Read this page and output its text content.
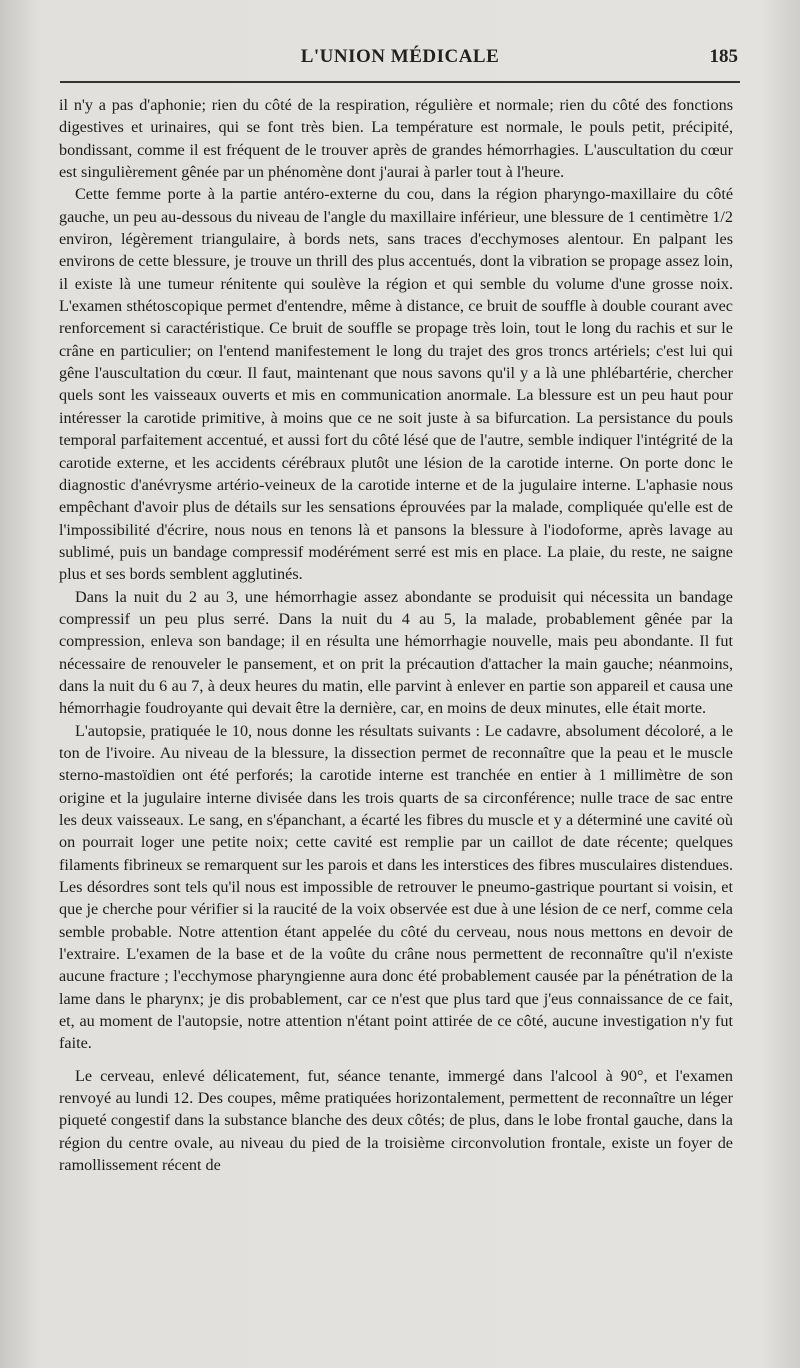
L'UNION MÉDICALE	185

il n'y a pas d'aphonie; rien du côté de la respiration, régulière et normale; rien du côté des fonctions digestives et urinaires, qui se font très bien. La température est normale, le pouls petit, précipité, bondissant, comme il est fréquent de le trouver après de grandes hémorrhagies. L'auscultation du cœur est singulièrement gênée par un phénomène dont j'aurai à parler tout à l'heure.

Cette femme porte à la partie antéro-externe du cou, dans la région pharyngo-maxillaire du côté gauche, un peu au-dessous du niveau de l'angle du maxillaire inférieur, une blessure de 1 centimètre 1/2 environ, légèrement triangulaire, à bords nets, sans traces d'ecchymoses alentour. En palpant les environs de cette blessure, je trouve un thrill des plus accentués, dont la vibration se propage assez loin, il existe là une tumeur rénitente qui soulève la région et qui semble du volume d'une grosse noix. L'examen sthétoscopique permet d'entendre, même à distance, ce bruit de souffle à double courant avec renforcement si caractéristique. Ce bruit de souffle se propage très loin, tout le long du rachis et sur le crâne en particulier; on l'entend manifestement le long du trajet des gros troncs artériels; c'est lui qui gêne l'auscultation du cœur. Il faut, maintenant que nous savons qu'il y a là une phlébartérie, chercher quels sont les vaisseaux ouverts et mis en communication anormale. La blessure est un peu haut pour intéresser la carotide primitive, à moins que ce ne soit juste à sa bifurcation. La persistance du pouls temporal parfaitement accentué, et aussi fort du côté lésé que de l'autre, semble indiquer l'intégrité de la carotide externe, et les accidents cérébraux plutôt une lésion de la carotide interne. On porte donc le diagnostic d'anévrysme artério-veineux de la carotide interne et de la jugulaire interne. L'aphasie nous empêchant d'avoir plus de détails sur les sensations éprouvées par la malade, compliquée qu'elle est de l'impossibilité d'écrire, nous nous en tenons là et pansons la blessure à l'iodoforme, après lavage au sublimé, puis un bandage compressif modérément serré est mis en place. La plaie, du reste, ne saigne plus et ses bords semblent agglutinés.

Dans la nuit du 2 au 3, une hémorrhagie assez abondante se produisit qui nécessita un bandage compressif un peu plus serré. Dans la nuit du 4 au 5, la malade, probablement gênée par la compression, enleva son bandage; il en résulta une hémorrhagie nouvelle, mais peu abondante. Il fut nécessaire de renouveler le pansement, et on prit la précaution d'attacher la main gauche; néanmoins, dans la nuit du 6 au 7, à deux heures du matin, elle parvint à enlever en partie son appareil et causa une hémorrhagie foudroyante qui devait être la dernière, car, en moins de deux minutes, elle était morte.

L'autopsie, pratiquée le 10, nous donne les résultats suivants : Le cadavre, absolument décoloré, a le ton de l'ivoire. Au niveau de la blessure, la dissection permet de reconnaître que la peau et le muscle sterno-mastoïdien ont été perforés; la carotide interne est tranchée en entier à 1 millimètre de son origine et la jugulaire interne divisée dans les trois quarts de sa circonférence; nulle trace de sac entre les deux vaisseaux. Le sang, en s'épanchant, a écarté les fibres du muscle et y a déterminé une cavité où on pourrait loger une petite noix; cette cavité est remplie par un caillot de date récente; quelques filaments fibrineux se remarquent sur les parois et dans les interstices des fibres musculaires distendues. Les désordres sont tels qu'il nous est impossible de retrouver le pneumo-gastrique pourtant si voisin, et que je cherche pour vérifier si la raucité de la voix observée est due à une lésion de ce nerf, comme cela semble probable. Notre attention étant appelée du côté du cerveau, nous nous mettons en devoir de l'extraire. L'examen de la base et de la voûte du crâne nous permettent de reconnaître qu'il n'existe aucune fracture ; l'ecchymose pharyngienne aura donc été probablement causée par la pénétration de la lame dans le pharynx; je dis probablement, car ce n'est que plus tard que j'eus connaissance de ce fait, et, au moment de l'autopsie, notre attention n'étant point attirée de ce côté, aucune investigation n'y fut faite.

Le cerveau, enlevé délicatement, fut, séance tenante, immergé dans l'alcool à 90°, et l'examen renvoyé au lundi 12. Des coupes, même pratiquées horizontalement, permettent de reconnaître un léger piqueté congestif dans la substance blanche des deux côtés; de plus, dans le lobe frontal gauche, dans la région du centre ovale, au niveau du pied de la troisième circonvolution frontale, existe un foyer de ramollissement récent de
